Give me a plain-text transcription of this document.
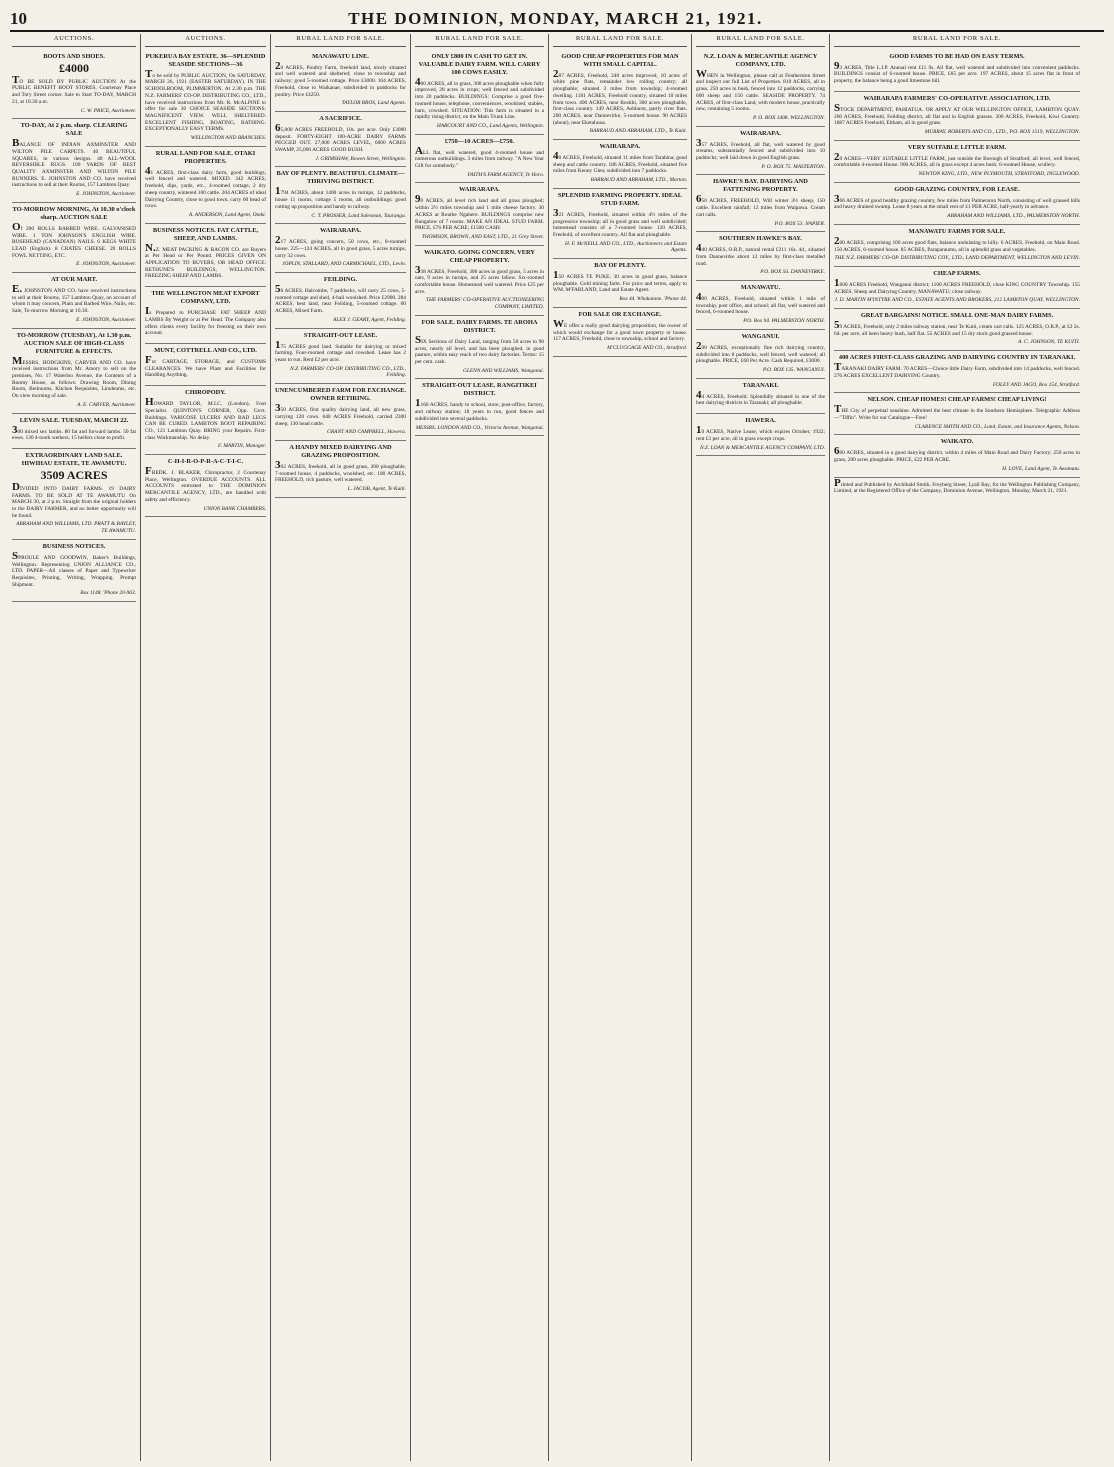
10	THE DOMINION, MONDAY, MARCH 21, 1921.
AUCTIONS.
BOOTS AND SHOES.
£4000
TO BE SOLD BY PUBLIC AUCTION At the PUBLIC BENEFIT BOOT STORES, Courtenay Place and Tory Street corner. Sale to Start TO-DAY, MARCH 21, at 10.30 a.m.
C. W. PRICE, Auctioneer.
TO-DAY, At 2 p.m. sharp. CLEARING SALE
BALANCE OF INDIAN AXMINSTER AND WILTON PILE CARPETS. 40 BEAUTIFUL SQUARES, in various designs. 40 ALL-WOOL REVERSIBLE RUGS. 100 YARDS OF BEST QUALITY AXMINSTER AND WILTON PILE RUNNERS. E. JOHNSTON AND CO. have received instructions to sell at their Rooms, 157 Lambton Quay.
E. JOHNSTON, Auctioneer.
TO-MORROW MORNING, At 10.30 o'clock sharp. AUCTION SALE
Of 200 ROLLS BARBED WIRE. GALVANISED WIRE. 1 TON JOHNSON'S ENGLISH WIRE. ROSEHEAD (CANADIAN) NAILS. 6 KEGS WHITE LEAD (English). 8 CRATES CHEESE. 20 ROLLS FOWL NETTING, ETC.
E. JOHNSTON, Auctioneer.
AT OUR MART.
E. JOHNSTON AND CO. have received instructions to sell at their Rooms, 157 Lambton Quay, on account of whom it may concern, Plain and Barbed Wire, Nails, etc. Sale, To-morrow Morning at 10.30.
E. JOHNSTON, Auctioneer.
TO-MORROW (TUESDAY), At 1.30 p.m. AUCTION SALE OF HIGH-CLASS FURNITURE & EFFECTS.
MESSRS. HODGKINS, CARVER AND CO. have received instructions from Mr. Amory to sell on the premises, No. 17 Waterloo Avenue, the Contents of a Roomy House, as follows: Drawing Room, Dining Room, Bedrooms, Kitchen Requisites, Linoleums, etc. On view morning of sale.
A. E. CARVER, Auctioneer.
LEVIN SALE. TUESDAY, MARCH 22.
300 mixed sex lambs. 80 fat and forward lambs. 50 fat ewes. 130 4-tooth wethers. 15 heifers close to profit.
EXTRAORDINARY LAND SALE. HIWIHAU ESTATE, TE AWAMUTU.
3509 ACRES
DIVIDED INTO DAIRY FARMS. 19 DAIRY FARMS. TO BE SOLD AT TE AWAMUTU On MARCH 30, at 2 p.m. Straight from the original holders to the DAIRY FARMER, and no better opportunity will be found.
ABRAHAM AND WILLIAMS, LTD. PRATT & BAYLEY, TE AWAMUTU.
BUSINESS NOTICES.
SPROULE AND GOODWIN, Baker's Buildings, Wellington. Representing UNION ALLIANCE CO., LTD. PAPER—All classes of Paper and Typewriter Requisites, Printing, Writing, Wrapping. Prompt Shipment.
Box 1148. 'Phone 20-963.
AUCTIONS.
PUKERUA BAY ESTATE. 36—SPLENDID SEASIDE SECTIONS—36
To be sold by PUBLIC AUCTION, On SATURDAY, MARCH 26, 1921 (EASTER SATURDAY). IN THE SCHOOLROOM, PLIMMERTON, At 2.30 p.m. THE N.Z. FARMERS' CO-OP. DISTRIBUTING CO., LTD., have received instructions from Mr. R. McALPINE to offer for sale 36 CHOICE SEASIDE SECTIONS. MAGNIFICENT VIEW. WELL SHELTERED. EXCELLENT FISHING, BOATING, BATHING. EXCEPTIONALLY EASY TERMS.
WELLINGTON AND BRANCHES.
RURAL LAND FOR SALE. OTAKI PROPERTIES.
41 ACRES, first-class dairy farm, good buildings, well fenced and watered. MIXED. 342 ACRES, freehold, dips, yards, etc., 4-roomed cottage, 2 dry sheep country, wintered 100 cattle. 204 ACRES of ideal Dairying Country, close to good town, carry 60 head of cows.
A. ANDERSON, Land Agent, Otaki.
BUSINESS NOTICES. FAT CATTLE, SHEEP, AND LAMBS.
N.Z. MEAT PACKING & BACON CO. are Buyers at Per Head or Per Pound. PRICES GIVEN ON APPLICATION TO BUYERS, OR HEAD OFFICE: BETHUNE'S BUILDINGS, WELLINGTON. FREEZING SHEEP AND LAMBS.
THE WELLINGTON MEAT EXPORT COMPANY, LTD.
Is Prepared to PURCHASE FAT SHEEP AND LAMBS By Weight or at Per Head. The Company also offers clients every facility for freezing on their own account.
MUNT, COTTRELL AND CO., LTD.
For CARTAGE, STORAGE, and CUSTOMS CLEARANCES. We have Plant and Facilities for Handling Anything.
CHIROPODY.
HOWARD TAYLOR, M.I.C. (London), Foot Specialist. QUINTON'S CORNER, Opp. Govt. Buildings. VARICOSE ULCERS AND BAD LEGS CAN BE CURED. LAMBTON BOOT REPAIRING CO., 121 Lambton Quay. BRING your Repairs. First-class Workmanship. No delay.
F. MARTIN, Manager.
C-H-I-R-O-P-R-A-C-T-I-C.
FREDK. J. BLAKER, Chiropractor, 2 Courtenay Place, Wellington. OVERDUE ACCOUNTS. ALL ACCOUNTS entrusted to THE DOMINION MERCANTILE AGENCY, LTD., are handled with safety and efficiency.
UNION BANK CHAMBERS.
RURAL LAND FOR SALE.
MANAWATU LINE.
20 ACRES, Poultry Farm, freehold land, nicely situated and well watered and sheltered; close to township and railway; good 5-roomed cottage. Price £3000. 104 ACRES, Freehold, close to Waikanae, subdivided in paddocks for poultry. Price £4250.
TAYLOR BROS, Land Agents.
A SACRIFICE.
65,000 ACRES FREEHOLD, 10s. per acre. Only £3000 deposit. FORTY-EIGHT 100-ACRE DAIRY FARMS PEGGED OUT. 27,000 ACRES LEVEL, 6000 ACRES SWAMP, 25,000 ACRES GOOD BUSH.
J. GRIMSHAW, Bowen Street, Wellington.
BAY OF PLENTY. BEAUTIFUL CLIMATE—THRIVING DISTRICT.
1794 ACRES, about 1400 acres in turnips, 12 paddocks, house 11 rooms, cottage 5 rooms, all outbuildings; good cutting up proposition and handy to railway.
C. T. PROSSER, Land Salesman, Tauranga.
WAIRARAPA.
217 ACRES, going concern, 50 cows, etc., 8-roomed house. 225—124 ACRES, all in good grass, 5 acres turnips, carry 32 cows.
JOPLIN, STALLARD, AND CARMICHAEL, LTD., Levin.
FEILDING.
56 ACRES, Halcombe, 7 paddocks, will carry 25 cows, 5-roomed cottage and shed, 4-bail woolshed. Price £2900. 284 ACRES, best land, near Feilding, 5-roomed cottage. 60 ACRES, Mixed Farm.
ALEX J. GEARY, Agent, Feilding.
STRAIGHT-OUT LEASE.
175 ACRES good land. Suitable for dairying or mixed farming. Four-roomed cottage and cowshed. Lease has 2 years to run. Rent £2 per acre.
N.Z. FARMERS' CO-OP. DISTRIBUTING CO., LTD., Feilding.
UNENCUMBERED FARM FOR EXCHANGE. OWNER RETIRING.
350 ACRES, first quality dairying land, all new grass, carrying 120 cows. 640 ACRES Freehold, carried 2300 sheep, 130 head cattle.
GRANT AND CAMPBELL, Hawera.
A HANDY MIXED DAIRYING AND GRAZING PROPOSITION.
302 ACRES, freehold, all in good grass, 200 ploughable, 7-roomed house, 4 paddocks, woolshed, etc. 180 ACRES, FREEHOLD, rich pasture, well watered.
L. JACOB, Agent, Te Kuiti.
RURAL LAND FOR SALE.
ONLY £800 IN CASH TO GET IN. VALUABLE DAIRY FARM. WILL CARRY 100 COWS EASILY.
400 ACRES, all in grass, 300 acres ploughable when fully improved, 28 acres in crops; well fenced and subdivided into 20 paddocks. BUILDINGS: Comprise a good five-roomed house, telephone, conveniences, woolshed, stables, barn, cowshed. SITUATION: This farm is situated in a rapidly rising district, on the Main Trunk Line.
HARCOURT AND CO., Land Agents, Wellington.
£750—10 ACRES—£750.
ALL flat, well watered, good 4-roomed house and numerous outbuildings. 3 miles from railway. "A New Year Gift for somebody."
FAITH'S FARM AGENCY, Te Horo.
WAIRARAPA.
90 ACRES, all level rich land and all grass ploughed; within 2½ miles township and 1 mile cheese factory. 30 ACRES at Routhe Ngahere. BUILDINGS comprise new Bungalow of 7 rooms. MAKE AN IDEAL STUD FARM. PRICE, £76 PER ACRE; £1500 CASH.
THOMSON, BROWN, AND EAST, LTD., 21 Grey Street.
WAIKATO. GOING CONCERN. VERY CHEAP PROPERTY.
338 ACRES, Freehold, 300 acres in good grass, 5 acres in oats, 9 acres in turnips, and 25 acres fallow. Six-roomed comfortable house. Homestead well watered. Price £25 per acre.
THE FARMERS' CO-OPERATIVE AUCTIONEERING COMPANY, LIMITED.
FOR SALE. DAIRY FARMS. TE AROHA DISTRICT.
SIX Sections of Dairy Land, ranging from 50 acres to 90 acres, nearly all level, and has been ploughed, in good pasture, within easy reach of two dairy factories. Terms: 15 per cent. cash.
GLENN AND WILLIAMS, Wanganui.
STRAIGHT-OUT LEASE. RANGITIKEI DISTRICT.
1160 ACRES, handy to school, store, post-office, factory, and railway station; 18 years to run, good fences and subdivided into several paddocks.
MESSRS. LONDON AND CO., Victoria Avenue, Wanganui.
RURAL LAND FOR SALE.
GOOD CHEAP PROPERTIES FOR MAN WITH SMALL CAPITAL.
287 ACRES, Freehold, 240 acres improved, 10 acres of white pine flats, remainder low rolling country; all ploughable; situated 3 miles from township; 4-roomed dwelling. 1181 ACRES, Freehold country, situated 10 miles from town. 400 ACRES, near Bostihi, 300 acres ploughable, first-class country. 149 ACRES, Ashhurst, partly river flats. 200 ACRES, near Dannevirke, 5-roomed house. 90 ACRES (about), near Eketahuna.
BARRAUD AND ABRAHAM, LTD., Te Kuiti.
WAIRARAPA.
40 ACRES, Freehold, situated 11 miles from Tarahina; good sheep and cattle country. 186 ACRES, Freehold, situated five miles from Kenny Glen; subdivided into 7 paddocks.
BARRAUD AND ABRAHAM, LTD., Marton.
SPLENDID FARMING PROPERTY. IDEAL STUD FARM.
321 ACRES, Freehold, situated within 4½ miles of the progressive township; all in good grass and well subdivided; homestead consists of a 7-roomed house. 130 ACRES, Freehold, of excellent country. All flat and ploughable.
H. F. McNEILL AND CO., LTD., Auctioneers and Estate Agents.
BAY OF PLENTY.
150 ACRES TE PUKE; 30 acres in good grass, balance ploughable. Gold mining farm. For price and terms, apply to WM. M'FARLAND, Land and Estate Agent.
Box 44. Whakatane. 'Phone 44.
FOR SALE OR EXCHANGE.
WE offer a really good dairying proposition, the owner of which would exchange for a good town property or house. 117 ACRES, Freehold, close to township, school and factory.
M'CLUGGAGE AND CO., Stratford.
RURAL LAND FOR SALE.
N.Z. LOAN & MERCANTILE AGENCY COMPANY, LTD.
WHEN in Wellington, please call at Featherston Street and inspect our full List of Properties. 810 ACRES, all in grass, 250 acres in bush, fenced into 12 paddocks, carrying 600 sheep and 150 cattle. SEASIDE PROPERTY. 74 ACRES, of first-class Land, with modern house, practically new, containing 5 rooms.
P. O. BOX 1408. WELLINGTON.
WAIRARAPA.
357 ACRES, Freehold, all flat, well watered by good streams, substantially fenced and subdivided into 10 paddocks; well laid down in good English grass.
P. O. BOX 75. MASTERTON.
HAWKE'S BAY. DAIRYING AND FATTENING PROPERTY.
650 ACRES, FREEHOLD, Will winter 3½ sheep, 150 cattle. Excellent rainfall; 12 miles from Waipawa. Cream cart calls.
P.O. BOX 53. NAPIER.
SOUTHERN HAWKE'S BAY.
440 ACRES, O.R.P., natural rental £211 16s. 4d., situated from Dannevirke about 12 miles by first-class metalled road.
P.O. BOX 56. DANNEVIRKE.
MANAWATU.
400 ACRES, Freehold, situated within 1 mile of township, post office, and school; all flat, well watered and fenced, 6-roomed house.
P.O. Box 94. PALMERSTON NORTH.
WANGANUI.
200 ACRES, exceptionally fine rich dairying country, subdivided into 8 paddocks, well fenced, well watered; all ploughable. PRICE, £60 Per Acre. Cash Required, £3000.
P.O. BOX 135. WANGANUI.
TARANAKI.
44 ACRES, Freehold. Splendidly situated in one of the best dairying districts in Taranaki; all ploughable.
HAWERA.
10 ACRES, Native Lease, which expires October, 1922; rent £3 per acre, all in grass except crops.
N.Z. LOAN & MERCANTILE AGENCY COMPANY, LTD.
RURAL LAND FOR SALE.
GOOD FARMS TO BE HAD ON EASY TERMS.
93 ACRES, Title L.I.P. Annual rent £11 9s. All flat, well watered and subdivided into convenient paddocks. BUILDINGS consist of 6-roomed house. PRICE, £65 per acre. 197 ACRES, about 15 acres flat in front of property, the balance being a good limestone hill.
WAIRARAPA FARMERS' CO-OPERATIVE ASSOCIATION, LTD.
STOCK DEPARTMENT, PAHIATUA. OR APPLY AT OUR WELLINGTON OFFICE, LAMBTON QUAY. 260 ACRES, Freehold, Feilding district, all flat and in English grasses. 300 ACRES, Freehold, Kiwi Country. 1887 ACRES Freehold, Eltham, all in good grass.
MURRAY, ROBERTS AND CO., LTD., P.O. BOX 1519, WELLINGTON.
VERY SUITABLE LITTLE FARM.
20 ACRES—VERY SUITABLE LITTLE FARM, just outside the Borough of Stratford; all level, well fenced, comfortable 4-roomed House. 900 ACRES, all in grass except 4 acres bush; 6-roomed House, scullery.
NEWTON KING, LTD., NEW PLYMOUTH, STRATFORD, INGLEWOOD.
GOOD GRAZING COUNTRY, FOR LEASE.
366 ACRES of good healthy grazing country, few miles from Palmerston North, consisting of well grassed hills and heavy drained swamp. Lease 8 years at the small rent of £1 PER ACRE, half-yearly in advance.
ABRAHAM AND WILLIAMS, LTD., PALMERSTON NORTH.
MANAWATU FARMS FOR SALE.
200 ACRES, comprising 100 acres good flats, balance undulating to hilly. 6 ACRES, Freehold, on Main Road. 150 ACRES, 6-roomed house. 85 ACRES, Paraparaumu, all in splendid grass and vegetables.
THE N.Z. FARMERS' CO-OP. DISTRIBUTING COY., LTD., LAND DEPARTMENT, WELLINGTON AND LEVIN.
CHEAP FARMS.
1600 ACRES Freehold, Wanganui district; 1100 ACRES FREEHOLD, close KING COUNTRY Township. 155 ACRES, Sheep and Dairying Country, MANAWATU; close railway.
J. D. MARTIN M'INTYRE AND CO., ESTATE AGENTS AND BROKERS, 212 LAMBTON QUAY, WELLINGTON.
GREAT BARGAINS! NOTICE. SMALL ONE-MAN DAIRY FARMS.
59 ACRES, Freehold, only 2 miles railway station, near Te Kuiti, cream cart calls. 125 ACRES, O.R.P., at £2 2s. 6d. per acre, all been heavy bush, half flat. 55 ACRES and 15 dry stock good grassed house.
A. C. JOHNSON, TE KUITI.
400 ACRES FIRST-CLASS GRAZING AND DAIRYING COUNTRY IN TARANAKI.
TARANAKI DAIRY FARM. 70 ACRES—Choice little Dairy Farm, subdivided into 14 paddocks, well fenced. 276 ACRES EXCELLENT DAIRYING Country.
FOLEY AND JAGO, Box 154, Stratford.
NELSON. CHEAP HOMES! CHEAP FARMS! CHEAP LIVING!
THE City of perpetual sunshine. Admitted the best climate in the Southern Hemisphere. Telegraphic Address—"Tiffin". Write for our Catalogue—Free!
CLARENCE SMITH AND CO., Land, Estate, and Insurance Agents, Nelson.
WAIKATO.
600 ACRES, situated in a good dairying district, within 4 miles of Main Road and Dairy Factory; 250 acres in grass, 200 acres ploughable. PRICE, £22 PER ACRE.
H. LOVE, Land Agent, Te Awamutu.
Printed and Published by Archibald Smith, Freyberg Street, Lyall Bay, for the Wellington Publishing Company, Limited, at the Registered Office of the Company, Dominion Avenue, Wellington, Monday, March 21, 1921.
